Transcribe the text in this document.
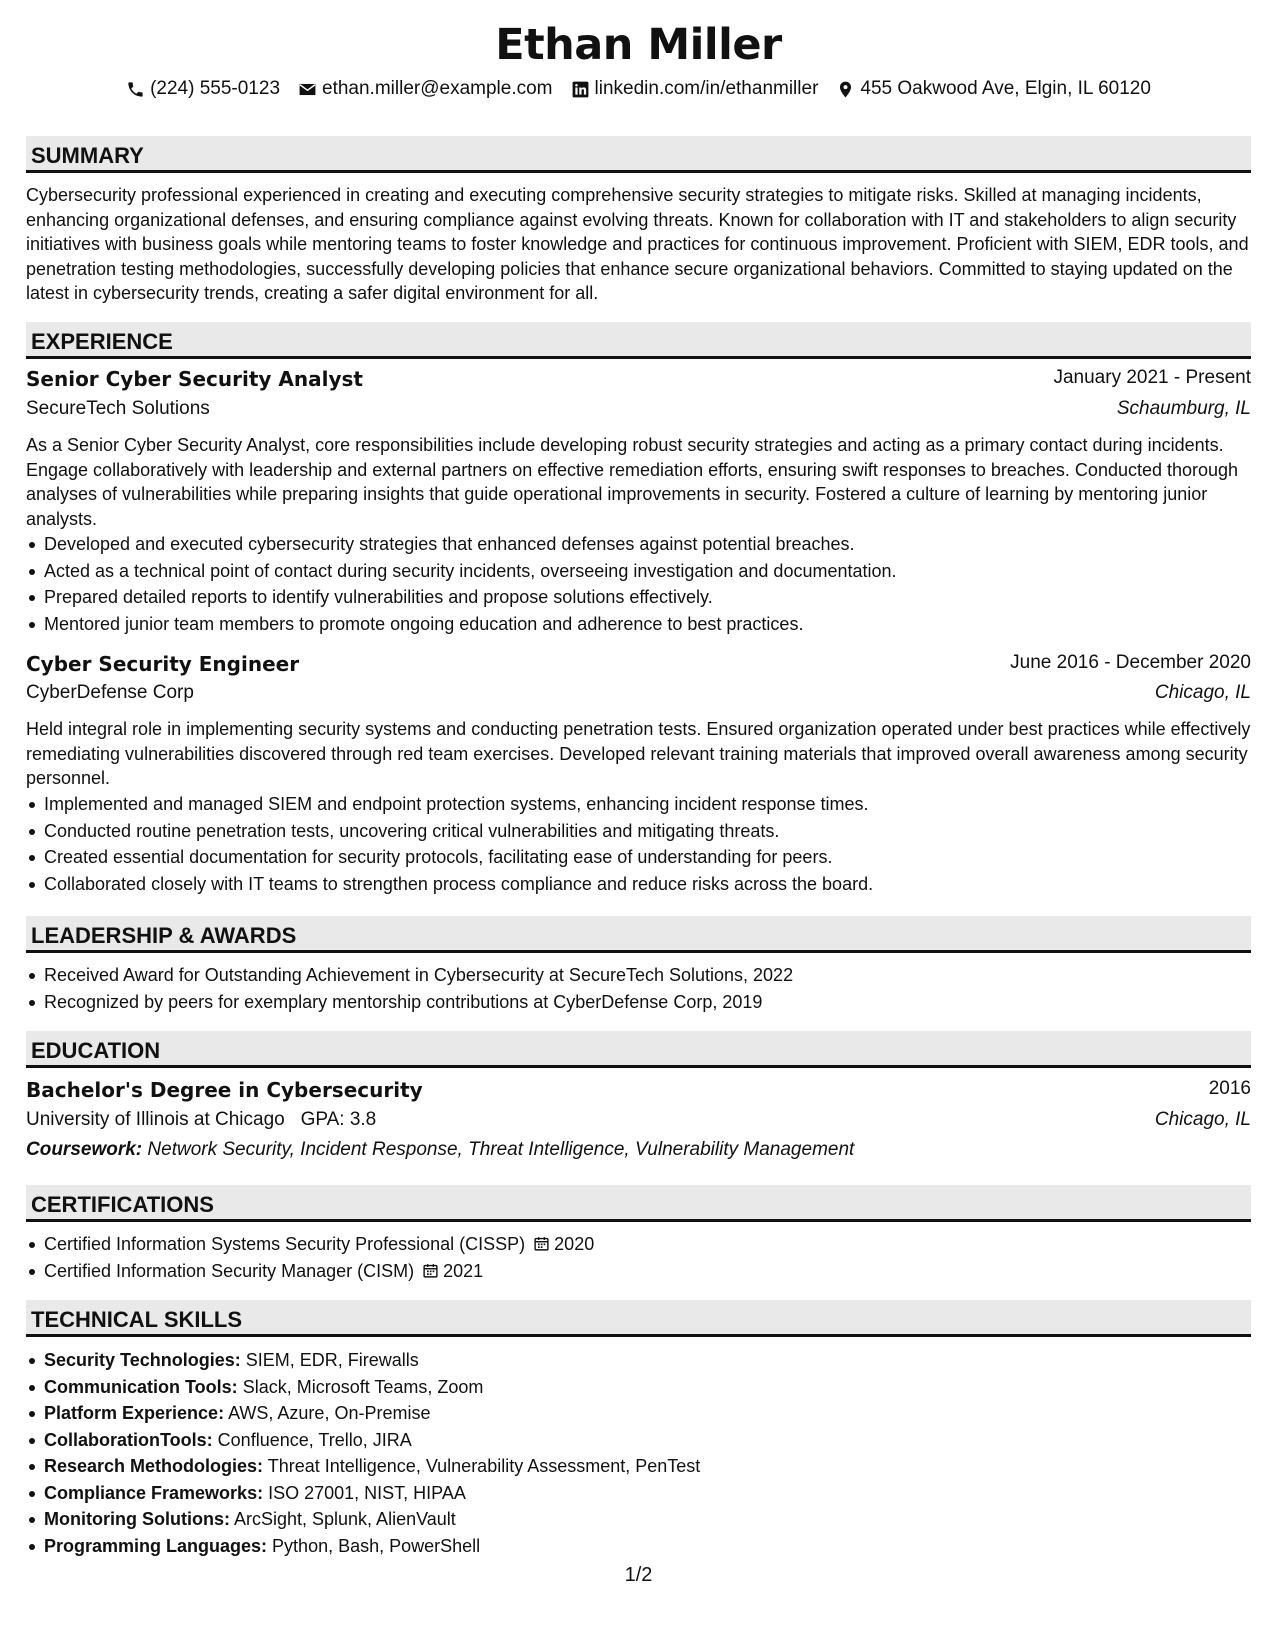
Ethan Miller
(224) 555-0123 ethan.miller@example.com linkedin.com/in/ethanmiller 455 Oakwood Ave, Elgin, IL 60120
SUMMARY

Cybersecurity professional experienced in creating and executing comprehensive security strategies to mitigate risks. Skilled at managing incidents, enhancing organizational defenses, and ensuring compliance against evolving threats. Known for collaboration with IT and stakeholders to align security initiatives with business goals while mentoring teams to foster knowledge and practices for continuous improvement. Proficient with SIEM, EDR tools, and penetration testing methodologies, successfully developing policies that enhance secure organizational behaviors. Committed to staying updated on the latest in cybersecurity trends, creating a safer digital environment for all.

EXPERIENCE
Senior Cyber Security Analyst	January 2021 - Present
SecureTech Solutions	Schaumburg, IL

As a Senior Cyber Security Analyst, core responsibilities include developing robust security strategies and acting as a primary contact during incidents. Engage collaboratively with leadership and external partners on effective remediation efforts, ensuring swift responses to breaches. Conducted thorough analyses of vulnerabilities while preparing insights that guide operational improvements in security. Fostered a culture of learning by mentoring junior analysts.

Developed and executed cybersecurity strategies that enhanced defenses against potential breaches.
Acted as a technical point of contact during security incidents, overseeing investigation and documentation.
Prepared detailed reports to identify vulnerabilities and propose solutions effectively.
Mentored junior team members to promote ongoing education and adherence to best practices.
Cyber Security Engineer	June 2016 - December 2020
CyberDefense Corp	Chicago, IL

Held integral role in implementing security systems and conducting penetration tests. Ensured organization operated under best practices while effectively remediating vulnerabilities discovered through red team exercises. Developed relevant training materials that improved overall awareness among security personnel.

Implemented and managed SIEM and endpoint protection systems, enhancing incident response times.
Conducted routine penetration tests, uncovering critical vulnerabilities and mitigating threats.
Created essential documentation for security protocols, facilitating ease of understanding for peers.
Collaborated closely with IT teams to strengthen process compliance and reduce risks across the board.
LEADERSHIP & AWARDS
Received Award for Outstanding Achievement in Cybersecurity at SecureTech Solutions, 2022
Recognized by peers for exemplary mentorship contributions at CyberDefense Corp, 2019
EDUCATION
Bachelor's Degree in Cybersecurity	2016
University of Illinois at Chicago GPA: 3.8	Chicago, IL
Coursework: Network Security, Incident Response, Threat Intelligence, Vulnerability Management
CERTIFICATIONS
Certified Information Systems Security Professional (CISSP) 2020
Certified Information Security Manager (CISM) 2021
TECHNICAL SKILLS
Security Technologies: SIEM, EDR, Firewalls
Communication Tools: Slack, Microsoft Teams, Zoom
Platform Experience: AWS, Azure, On-Premise
CollaborationTools: Confluence, Trello, JIRA
Research Methodologies: Threat Intelligence, Vulnerability Assessment, PenTest
Compliance Frameworks: ISO 27001, NIST, HIPAA
Monitoring Solutions: ArcSight, Splunk, AlienVault
Programming Languages: Python, Bash, PowerShell
1/2
